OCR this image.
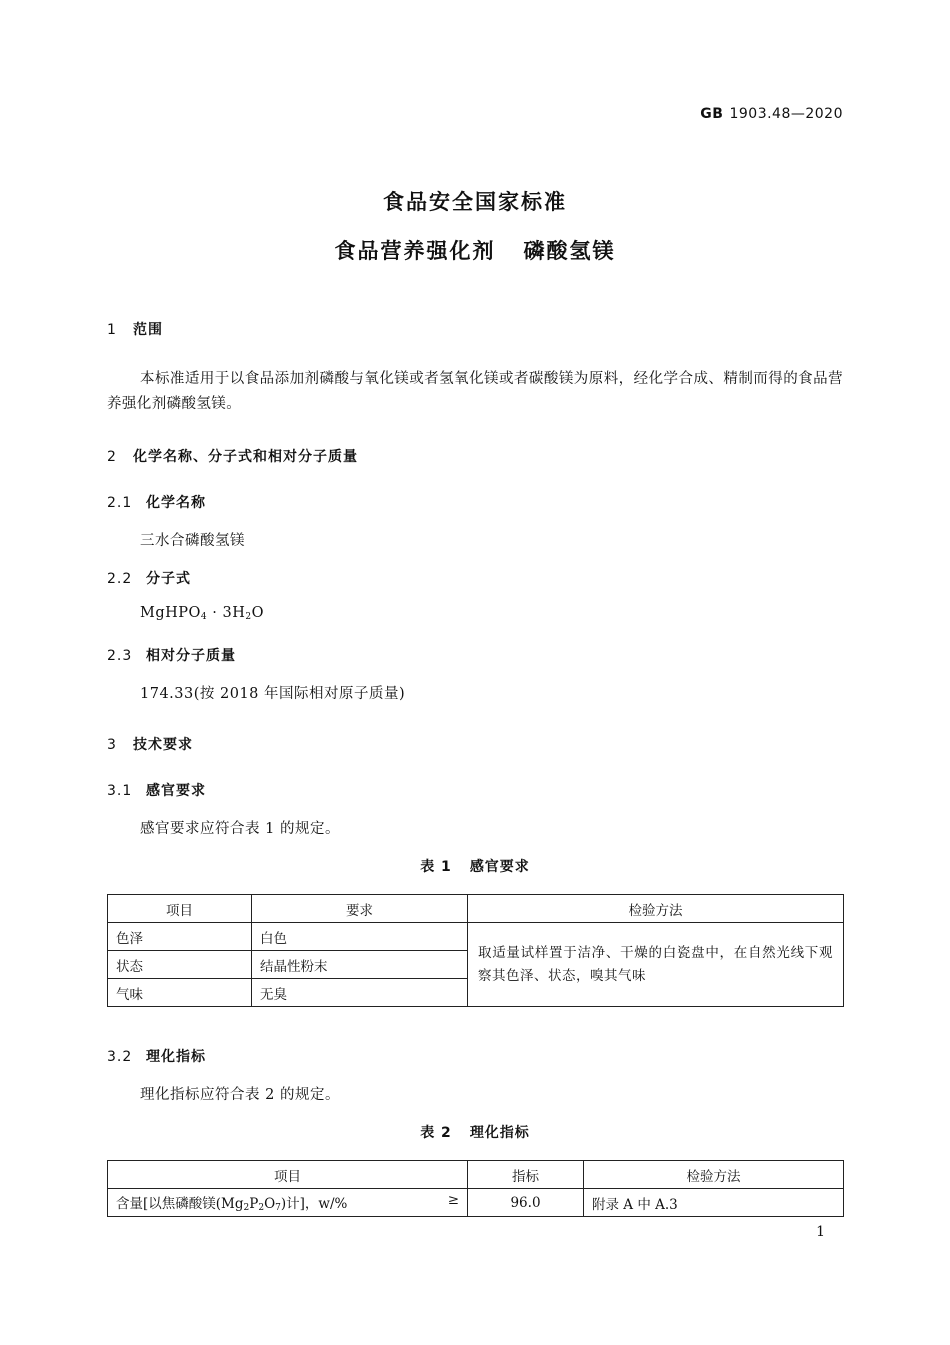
GB 1903.48—2020
食品安全国家标准
食品营养强化剂 磷酸氢镁
1 范围
本标准适用于以食品添加剂磷酸与氧化镁或者氢氧化镁或者碳酸镁为原料，经化学合成、精制而得的食品营养强化剂磷酸氢镁。
2 化学名称、分子式和相对分子质量
2.1 化学名称
三水合磷酸氢镁
2.2 分子式
MgHPO$_4$ · $3H_2O$
2.3 相对分子质量
174.33(按 2018 年国际相对原子质量)
3 技术要求
3.1 感官要求
感官要求应符合表 1 的规定。
表 1 感官要求
项目	要求	检验方法
色泽	白色	取适量试样置于洁净、干燥的白瓷盘中，在自然光线下观察其色泽、状态，嗅其气味
状态	结晶性粉末	
气味	无臭	
3.2 理化指标
理化指标应符合表 2 的规定。
表 2 理化指标
项目	指标	检验方法
含量[以焦磷酸镁$(Mg_2P_2O_7)$计]，w/% ≥	96.0	附录 A 中 A.3
1
